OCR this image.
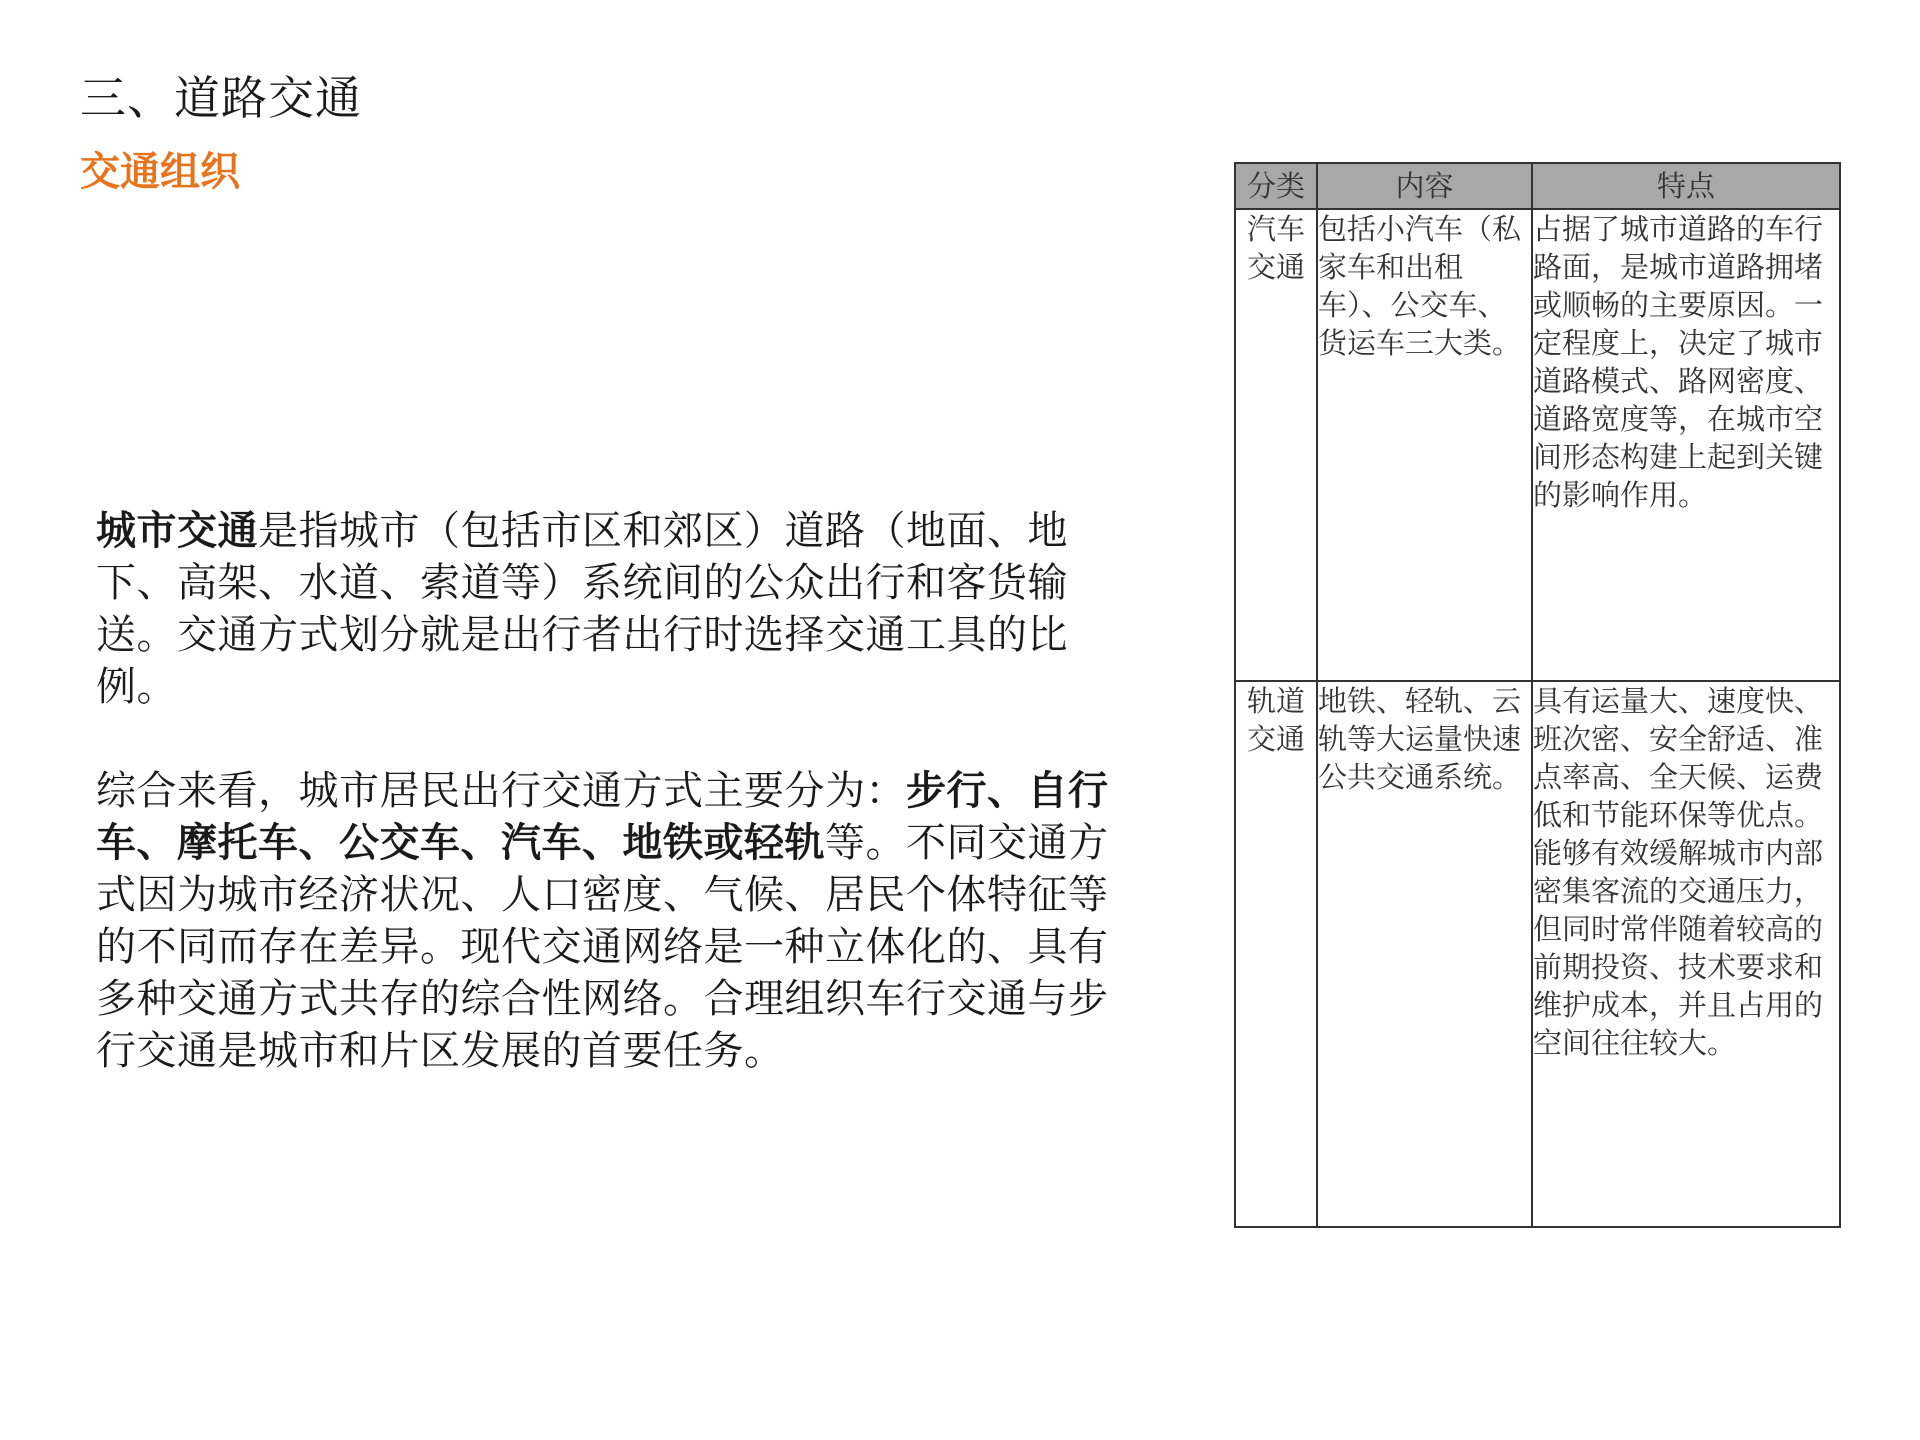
三、道路交通
交通组织

城市交通是指城市（包括市区和郊区）道路（地面、地下、高架、水道、索道等）系统间的公众出行和客货输送。交通方式划分就是出行者出行时选择交通工具的比例。

综合来看，城市居民出行交通方式主要分为：步行、自行车、摩托车、公交车、汽车、地铁或轻轨等。不同交通方式因为城市经济状况、人口密度、气候、居民个体特征等的不同而存在差异。现代交通网络是一种立体化的、具有多种交通方式共存的综合性网络。合理组织车行交通与步行交通是城市和片区发展的首要任务。

分类	内容	特点
汽车交通	包括小汽车（私家车和出租车）、公交车、货运车三大类。	占据了城市道路的车行路面，是城市道路拥堵或顺畅的主要原因。一定程度上，决定了城市道路模式、路网密度、道路宽度等，在城市空间形态构建上起到关键的影响作用。
轨道交通	地铁、轻轨、云轨等大运量快速公共交通系统。	具有运量大、速度快、班次密、安全舒适、准点率高、全天候、运费低和节能环保等优点。能够有效缓解城市内部密集客流的交通压力，但同时常伴随着较高的前期投资、技术要求和维护成本，并且占用的空间往往较大。
